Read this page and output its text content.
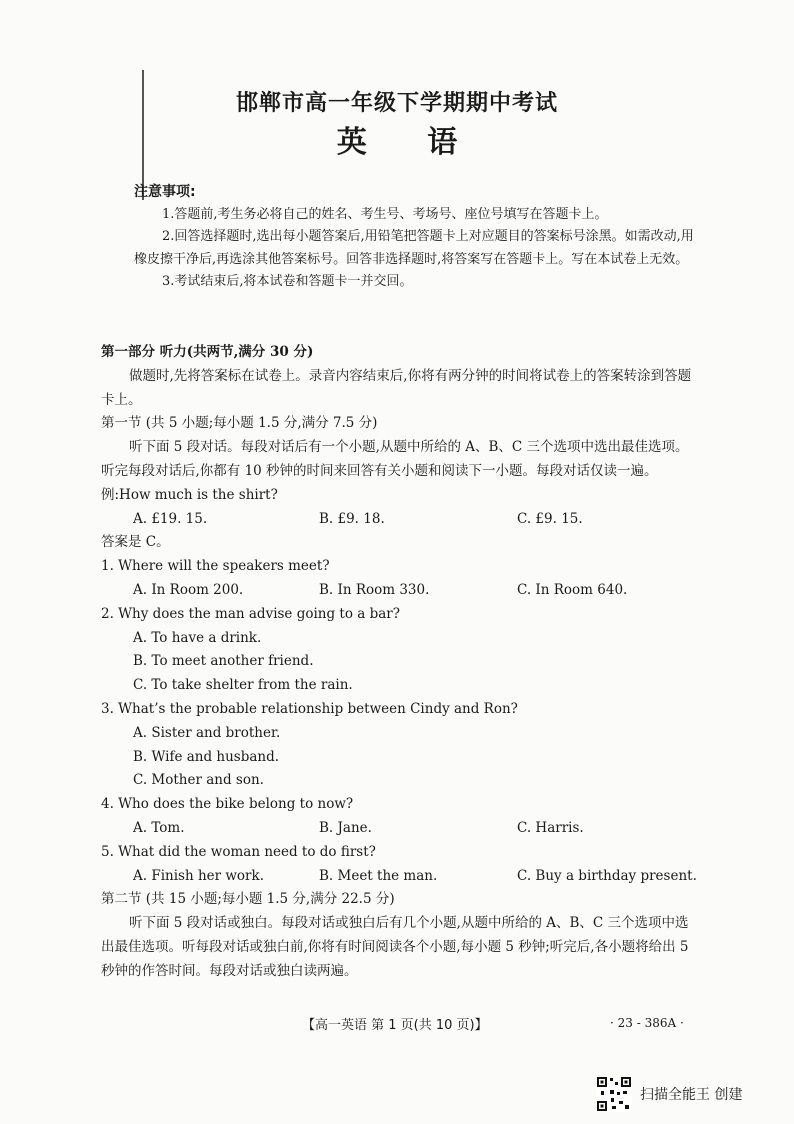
邯郸市高一年级下学期期中考试
英 语
注意事项:
1.答题前,考生务必将自己的姓名、考生号、考场号、座位号填写在答题卡上。
2.回答选择题时,选出每小题答案后,用铅笔把答题卡上对应题目的答案标号涂黑。如需改动,用橡皮擦干净后,再选涂其他答案标号。回答非选择题时,将答案写在答题卡上。写在本试卷上无效。
3.考试结束后,将本试卷和答题卡一并交回。

第一部分 听力(共两节,满分 30 分)

做题时,先将答案标在试卷上。录音内容结束后,你将有两分钟的时间将试卷上的答案转涂到答题卡上。

第一节 (共 5 小题;每小题 1.5 分,满分 7.5 分)

听下面 5 段对话。每段对话后有一个小题,从题中所给的 A、B、C 三个选项中选出最佳选项。听完每段对话后,你都有 10 秒钟的时间来回答有关小题和阅读下一小题。每段对话仅读一遍。

例:How much is the shirt?

A. £19. 15.	B. £9. 18.	C. £9. 15.

答案是 C。

1. Where will the speakers meet?

A. In Room 200.	B. In Room 330.	C. In Room 640.

2. Why does the man advise going to a bar?

A. To have a drink.

B. To meet another friend.

C. To take shelter from the rain.

3. What’s the probable relationship between Cindy and Ron?

A. Sister and brother.

B. Wife and husband.

C. Mother and son.

4. Who does the bike belong to now?

A. Tom.	B. Jane.	C. Harris.

5. What did the woman need to do first?

A. Finish her work.	B. Meet the man.	C. Buy a birthday present.

第二节 (共 15 小题;每小题 1.5 分,满分 22.5 分)

听下面 5 段对话或独白。每段对话或独白后有几个小题,从题中所给的 A、B、C 三个选项中选出最佳选项。听每段对话或独白前,你将有时间阅读各个小题,每小题 5 秒钟;听完后,各小题将给出 5 秒钟的作答时间。每段对话或独白读两遍。

【高一英语 第 1 页(共 10 页)】	· 23 - 386A ·
扫描全能王 创建
